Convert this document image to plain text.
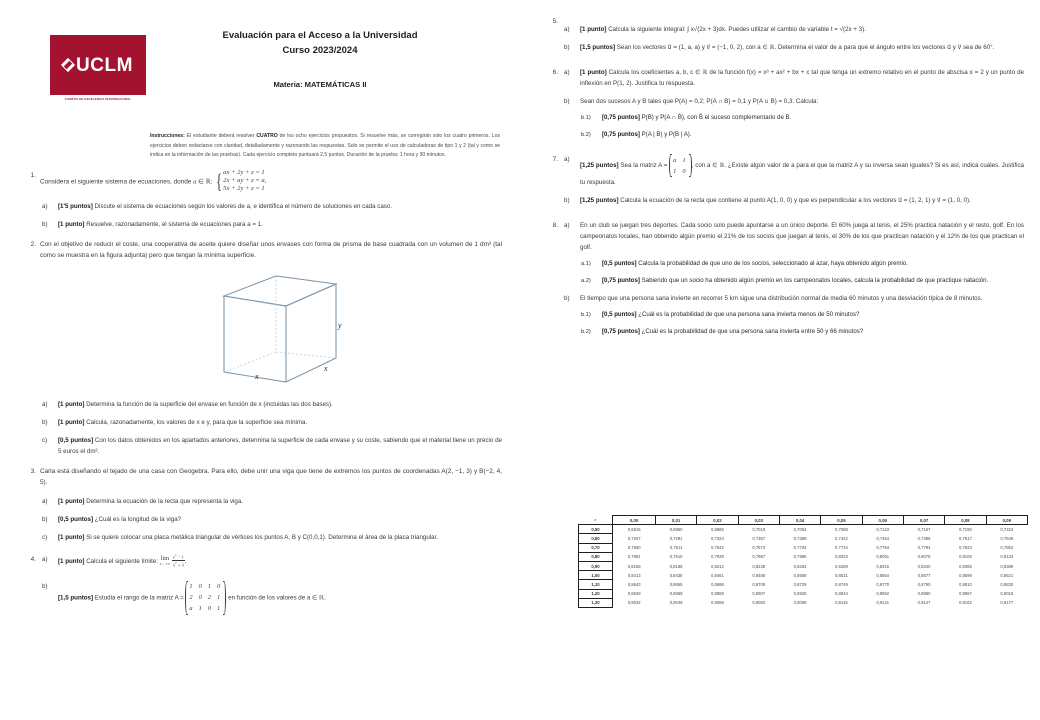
UCLM
CAMPUS DE EXCELENCIA INTERNACIONAL
Evaluación para el Acceso a la Universidad
Curso 2023/2024
Materia: MATEMÁTICAS II
Instrucciones: El estudiante deberá resolver CUATRO de los ocho ejercicios propuestos. Si resuelve más, se corregirán solo los cuatro primeros. Los ejercicios deben redactarse con claridad, detalladamente y razonando las respuestas. Solo se permite el uso de calculadoras de tipo 1 y 2 (tal y como se indica en la información de las pruebas). Cada ejercicio completo puntuará 2,5 puntos. Duración de la prueba: 1 hora y 30 minutos.
1.
Considera el siguiente sistema de ecuaciones, donde a ∈ ℝ: { ax + 2y + z = 1
2x + ay + z = a,
5x + 2y + z = 1
a)	[1'5 puntos] Discute el sistema de ecuaciones según los valores de a, e identifica el número de soluciones en cada caso.
b)	[1 punto] Resuelve, razonadamente, el sistema de ecuaciones para a = 1.
2. Con el objetivo de reducir el coste, una cooperativa de aceite quiere diseñar unos envases con forma de prisma de base cuadrada con un volumen de 1 dm³ (tal como se muestra en la figura adjunta) pero que tengan la mínima superficie.
y
x
x
a)	[1 punto] Determina la función de la superficie del envase en función de x (incluidas las dos bases).
b)	[1 punto] Calcula, razonadamente, los valores de x e y, para que la superficie sea mínima.
c)	[0,5 puntos] Con los datos obtenidos en los apartados anteriores, determina la superficie de cada envase y su coste, sabiendo que el material tiene un precio de 5 euros el dm².
3. Carla está diseñando el tejado de una casa con Geogebra. Para ello, debe unir una viga que tiene de extremos los puntos de coordenadas A(2, −1, 3) y B(−2, 4, 5).
a)	[1 punto] Determina la ecuación de la recta que representa la viga.
b)	[0,5 puntos] ¿Cuál es la longitud de la viga?
c)	[1 punto] Si se quiere colocar una placa metálica triangular de vértices los puntos A, B y C(0,0,1). Determina el área de la placa triangular.
4. a)	[1 punto] Calcula el siguiente límite: lim
$x\to+\infty \frac{e^x - 1}{x^2 + 3}$ .
b)
[1,5 puntos] Estudia el rango de la matriz A =
1 0 1 0
2 0 2 1
a 1 0 1
en función de los valores de a ∈ ℝ.
5.
a)	[1 punto] Calcula la siguiente integral: ∫ x√(2x + 3)dx. Puedes utilizar el cambio de variable t = √(2x + 3).
b)	[1,5 puntos] Sean los vectores u⃗ = (1, a, a) y v⃗ = (−1, 0, 2), con a ∈ ℝ. Determina el valor de a para que el ángulo entre los vectores u⃗ y v⃗ sea de 60°.
6. a)	[1 punto] Calcula los coeficientes a, b, c ∈ ℝ de la función f(x) = x³ + ax² + bx + c tal que tenga un extremo relativo en el punto de abscisa x = 2 y un punto de inflexión en P(1, 2). Justifica tu respuesta.
b)	Sean dos sucesos A y B tales que P(A) = 0,2; P(A ∩ B) = 0,1 y P(A ∪ B) = 0,3. Calcula:
b.1)	[0,75 puntos] P(B) y P(A ∩ B̄), con B̄ el suceso complementario de B.
b.2)	[0,75 puntos] P(A | B) y P(B | A).
7. a)
[1,25 puntos] Sea la matriz A =
a 1
1 0
, con a ∈ ℝ. ¿Existe algún valor de a para el que la matriz A y su inversa sean iguales? Si es así, indica cuáles. Justifica tu respuesta.
b)	[1,25 puntos] Calcula la ecuación de la recta que contiene al punto A(1, 0, 0) y que es perpendicular a los vectores u⃗ = (1, 2, 1) y v⃗ = (1, 0, 0).
8. a)	En un club se juegan tres deportes. Cada socio solo puede apuntarse a un único deporte. El 60% juega al tenis, el 25% practica natación y el resto, golf. En los campeonatos locales, han obtenido algún premio el 21% de los socios que juegan al tenis, el 30% de los que practican natación y el 12% de los que practican el golf.
a.1)	[0,5 puntos] Calcula la probabilidad de que uno de los socios, seleccionado al azar, haya obtenido algún premio.
a.2)	[0,75 puntos] Sabiendo que un socio ha obtenido algún premio en los campeonatos locales, calcula la probabilidad de que practique natación.
b)	El tiempo que una persona sana invierte en recorrer 5 km sigue una distribución normal de media 60 minutos y una desviación típica de 8 minutos.
b.1)	[0,5 puntos] ¿Cuál es la probabilidad de que una persona sana invierta menos de 50 minutos?
b.2)	[0,75 puntos] ¿Cuál es la probabilidad de que una persona sana invierta entre 50 y 66 minutos?
z	0,00	0,01	0,02	0,03	0,04	0,05	0,06	0,07	0,08	0,09
0,50	0,6915	0,6950	0,6985	0,7019	0,7054	0,7088	0,7123	0,7157	0,7190	0,7224
0,60	0,7257	0,7291	0,7324	0,7357	0,7389	0,7422	0,7454	0,7486	0,7517	0,7549
0,70	0,7580	0,7611	0,7642	0,7673	0,7704	0,7734	0,7764	0,7794	0,7823	0,7852
0,80	0,7881	0,7910	0,7939	0,7967	0,7995	0,8023	0,8051	0,8078	0,8106	0,8133
0,90	0,8159	0,8186	0,8212	0,8238	0,8264	0,8289	0,8315	0,8340	0,8365	0,8389
1,00	0,8413	0,8438	0,8461	0,8485	0,8508	0,8531	0,8554	0,8577	0,8599	0,8621
1,10	0,8643	0,8665	0,8686	0,8708	0,8729	0,8749	0,8770	0,8790	0,8810	0,8830
1,20	0,8849	0,8869	0,8888	0,8907	0,8925	0,8944	0,8962	0,8980	0,8997	0,9015
1,30	0,9032	0,9049	0,9066	0,9082	0,9099	0,9115	0,9131	0,9147	0,9162	0,9177
